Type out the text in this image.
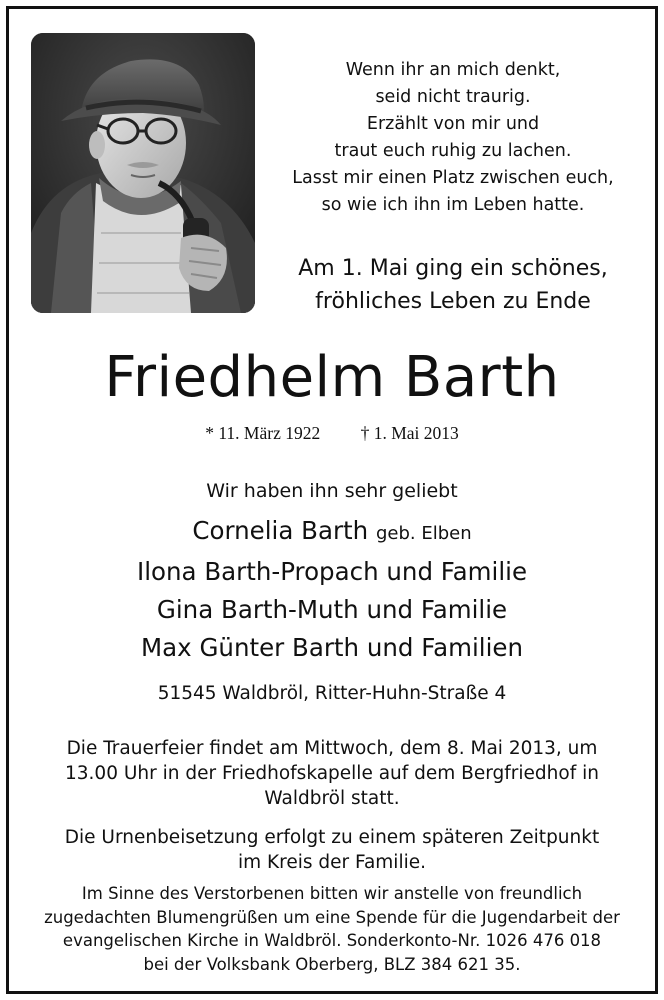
Wenn ihr an mich denkt,
seid nicht traurig.
Erzählt von mir und
traut euch ruhig zu lachen.
Lasst mir einen Platz zwischen euch,
so wie ich ihn im Leben hatte.
Am 1. Mai ging ein schönes,
fröhliches Leben zu Ende
Friedhelm Barth
* 11. März 1922 † 1. Mai 2013
Wir haben ihn sehr geliebt
Cornelia Barth geb. Elben
Ilona Barth-Propach und Familie
Gina Barth-Muth und Familie
Max Günter Barth und Familien
51545 Waldbröl, Ritter-Huhn-Straße 4
Die Trauerfeier findet am Mittwoch, dem 8. Mai 2013, um
13.00 Uhr in der Friedhofskapelle auf dem Bergfriedhof in
Waldbröl statt.
Die Urnenbeisetzung erfolgt zu einem späteren Zeitpunkt
im Kreis der Familie.
Im Sinne des Verstorbenen bitten wir anstelle von freundlich
zugedachten Blumengrüßen um eine Spende für die Jugendarbeit der
evangelischen Kirche in Waldbröl. Sonderkonto-Nr. 1026 476 018
bei der Volksbank Oberberg, BLZ 384 621 35.
